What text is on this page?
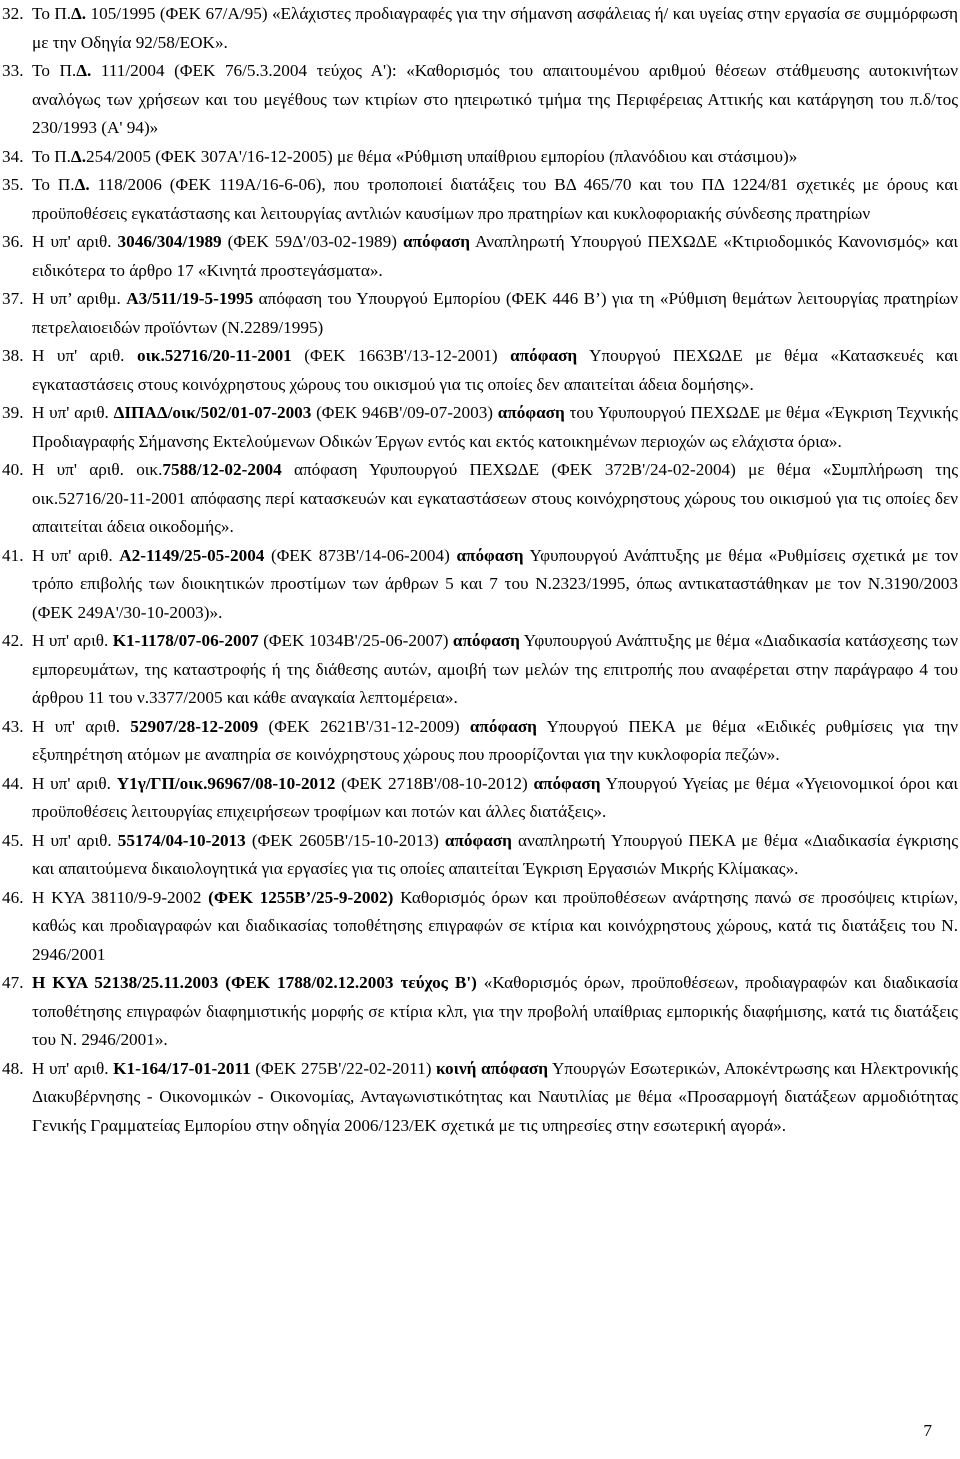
32. Το Π.Δ. 105/1995 (ΦΕΚ 67/Α/95) «Ελάχιστες προδιαγραφές για την σήμανση ασφάλειας ή/ και υγείας στην εργασία σε συμμόρφωση με την Οδηγία 92/58/ΕΟΚ».
33. Το Π.Δ. 111/2004 (ΦΕΚ 76/5.3.2004 τεύχος Α'): «Καθορισμός του απαιτουμένου αριθμού θέσεων στάθμευσης αυτοκινήτων αναλόγως των χρήσεων και του μεγέθους των κτιρίων στο ηπειρωτικό τμήμα της Περιφέρειας Αττικής και κατάργηση του π.δ/τος 230/1993 (Α' 94)»
34. Το Π.Δ.254/2005 (ΦΕΚ 307Α'/16-12-2005) με θέμα «Ρύθμιση υπαίθριου εμπορίου (πλανόδιου και στάσιμου)»
35. Το Π.Δ. 118/2006 (ΦΕΚ 119Α/16-6-06), που τροποποιεί διατάξεις του ΒΔ 465/70 και του ΠΔ 1224/81 σχετικές με όρους και προϋποθέσεις εγκατάστασης και λειτουργίας αντλιών καυσίμων προ πρατηρίων και κυκλοφοριακής σύνδεσης πρατηρίων
36. Η υπ' αριθ. 3046/304/1989 (ΦΕΚ 59Δ'/03-02-1989) απόφαση Αναπληρωτή Υπουργού ΠΕΧΩΔΕ «Κτιριοδομικός Κανονισμός» και ειδικότερα το άρθρο 17 «Κινητά προστεγάσματα».
37. Η υπ’ αριθμ. Α3/511/19-5-1995 απόφαση του Υπουργού Εμπορίου (ΦΕΚ 446 Β’) για τη «Ρύθμιση θεμάτων λειτουργίας πρατηρίων πετρελαιοειδών προϊόντων (Ν.2289/1995)
38. Η υπ' αριθ. οικ.52716/20-11-2001 (ΦΕΚ 1663Β'/13-12-2001) απόφαση Υπουργού ΠΕΧΩΔΕ με θέμα «Κατασκευές και εγκαταστάσεις στους κοινόχρηστους χώρους του οικισμού για τις οποίες δεν απαιτείται άδεια δομήσης».
39. Η υπ' αριθ. ΔΙΠΑΔ/οικ/502/01-07-2003 (ΦΕΚ 946Β'/09-07-2003) απόφαση του Υφυπουργού ΠΕΧΩΔΕ με θέμα «Έγκριση Τεχνικής Προδιαγραφής Σήμανσης Εκτελούμενων Οδικών Έργων εντός και εκτός κατοικημένων περιοχών ως ελάχιστα όρια».
40. Η υπ' αριθ. οικ.7588/12-02-2004 απόφαση Υφυπουργού ΠΕΧΩΔΕ (ΦΕΚ 372Β'/24-02-2004) με θέμα «Συμπλήρωση της οικ.52716/20-11-2001 απόφασης περί κατασκευών και εγκαταστάσεων στους κοινόχρηστους χώρους του οικισμού για τις οποίες δεν απαιτείται άδεια οικοδομής».
41. Η υπ' αριθ. Α2-1149/25-05-2004 (ΦΕΚ 873Β'/14-06-2004) απόφαση Υφυπουργού Ανάπτυξης με θέμα «Ρυθμίσεις σχετικά με τον τρόπο επιβολής των διοικητικών προστίμων των άρθρων 5 και 7 του Ν.2323/1995, όπως αντικαταστάθηκαν με τον Ν.3190/2003 (ΦΕΚ 249Α'/30-10-2003)».
42. Η υπ' αριθ. Κ1-1178/07-06-2007 (ΦΕΚ 1034Β'/25-06-2007) απόφαση Υφυπουργού Ανάπτυξης με θέμα «Διαδικασία κατάσχεσης των εμπορευμάτων, της καταστροφής ή της διάθεσης αυτών, αμοιβή των μελών της επιτροπής που αναφέρεται στην παράγραφο 4 του άρθρου 11 του ν.3377/2005 και κάθε αναγκαία λεπτομέρεια».
43. Η υπ' αριθ. 52907/28-12-2009 (ΦΕΚ 2621Β'/31-12-2009) απόφαση Υπουργού ΠΕΚΑ με θέμα «Ειδικές ρυθμίσεις για την εξυπηρέτηση ατόμων με αναπηρία σε κοινόχρηστους χώρους που προορίζονται για την κυκλοφορία πεζών».
44. Η υπ' αριθ. Υ1γ/ΓΠ/οικ.96967/08-10-2012 (ΦΕΚ 2718Β'/08-10-2012) απόφαση Υπουργού Υγείας με θέμα «Υγειονομικοί όροι και προϋποθέσεις λειτουργίας επιχειρήσεων τροφίμων και ποτών και άλλες διατάξεις».
45. Η υπ' αριθ. 55174/04-10-2013 (ΦΕΚ 2605Β'/15-10-2013) απόφαση αναπληρωτή Υπουργού ΠΕΚΑ με θέμα «Διαδικασία έγκρισης και απαιτούμενα δικαιολογητικά για εργασίες για τις οποίες απαιτείται Έγκριση Εργασιών Μικρής Κλίμακας».
46. Η ΚΥΑ 38110/9-9-2002 (ΦΕΚ 1255Β’/25-9-2002) Καθορισμός όρων και προϋποθέσεων ανάρτησης πανώ σε προσόψεις κτιρίων, καθώς και προδιαγραφών και διαδικασίας τοποθέτησης επιγραφών σε κτίρια και κοινόχρηστους χώρους, κατά τις διατάξεις του Ν. 2946/2001
47. Η ΚΥΑ 52138/25.11.2003 (ΦΕΚ 1788/02.12.2003 τεύχος Β') «Καθορισμός όρων, προϋποθέσεων, προδιαγραφών και διαδικασία τοποθέτησης επιγραφών διαφημιστικής μορφής σε κτίρια κλπ, για την προβολή υπαίθριας εμπορικής διαφήμισης, κατά τις διατάξεις του Ν. 2946/2001».
48. Η υπ' αριθ. Κ1-164/17-01-2011 (ΦΕΚ 275Β'/22-02-2011) κοινή απόφαση Υπουργών Εσωτερικών, Αποκέντρωσης και Ηλεκτρονικής Διακυβέρνησης - Οικονομικών - Οικονομίας, Ανταγωνιστικότητας και Ναυτιλίας με θέμα «Προσαρμογή διατάξεων αρμοδιότητας Γενικής Γραμματείας Εμπορίου στην οδηγία 2006/123/ΕΚ σχετικά με τις υπηρεσίες στην εσωτερική αγορά».
7
